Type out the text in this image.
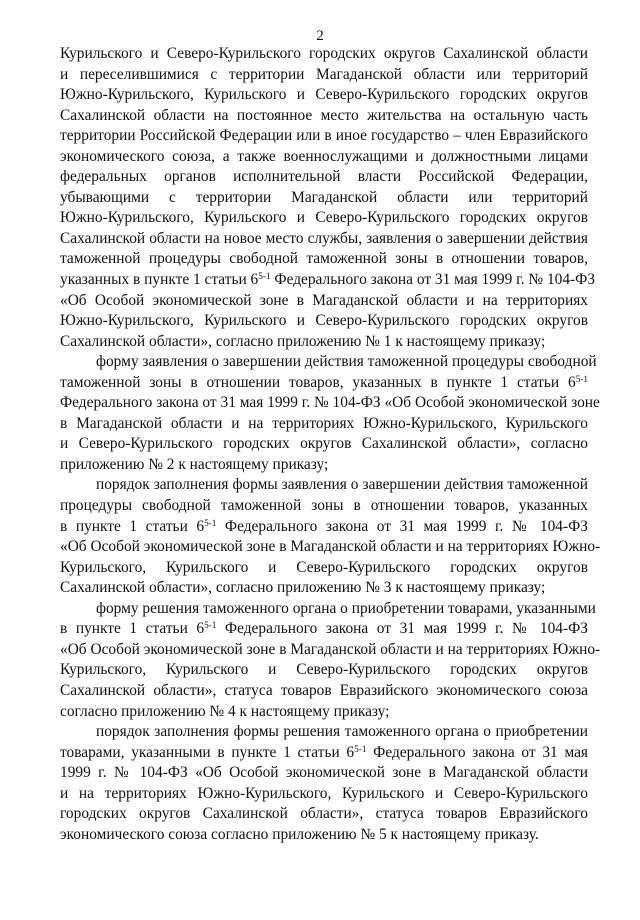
2
Курильского и Северо-Курильского городских округов Сахалинской области
и переселившимися с территории Магаданской области или территорий
Южно-Курильского, Курильского и Северо-Курильского городских округов
Сахалинской области на постоянное место жительства на остальную часть
территории Российской Федерации или в иное государство – член Евразийского
экономического союза, а также военнослужащими и должностными лицами
федеральных органов исполнительной власти Российской Федерации,
убывающими с территории Магаданской области или территорий
Южно-Курильского, Курильского и Северо-Курильского городских округов
Сахалинской области на новое место службы, заявления о завершении действия
таможенной процедуры свободной таможенной зоны в отношении товаров,
указанных в пункте 1 статьи 6$^{5-1}$ Федерального закона от 31 мая 1999 г. № 104-ФЗ
«Об Особой экономической зоне в Магаданской области и на территориях
Южно-Курильского, Курильского и Северо-Курильского городских округов
Сахалинской области», согласно приложению № 1 к настоящему приказу;
форму заявления о завершении действия таможенной процедуры свободной
таможенной зоны в отношении товаров, указанных в пункте 1 статьи 6$^{5-1}$
Федерального закона от 31 мая 1999 г. № 104-ФЗ «Об Особой экономической зоне
в Магаданской области и на территориях Южно-Курильского, Курильского
и Северо-Курильского городских округов Сахалинской области», согласно
приложению № 2 к настоящему приказу;
порядок заполнения формы заявления о завершении действия таможенной
процедуры свободной таможенной зоны в отношении товаров, указанных
в пункте 1 статьи 6$^{5-1}$ Федерального закона от 31 мая 1999 г. № 104-ФЗ
«Об Особой экономической зоне в Магаданской области и на территориях Южно-
Курильского, Курильского и Северо-Курильского городских округов
Сахалинской области», согласно приложению № 3 к настоящему приказу;
форму решения таможенного органа о приобретении товарами, указанными
в пункте 1 статьи 6$^{5-1}$ Федерального закона от 31 мая 1999 г. № 104-ФЗ
«Об Особой экономической зоне в Магаданской области и на территориях Южно-
Курильского, Курильского и Северо-Курильского городских округов
Сахалинской области», статуса товаров Евразийского экономического союза
согласно приложению № 4 к настоящему приказу;
порядок заполнения формы решения таможенного органа о приобретении
товарами, указанными в пункте 1 статьи 6$^{5-1}$ Федерального закона от 31 мая
1999 г. № 104-ФЗ «Об Особой экономической зоне в Магаданской области
и на территориях Южно-Курильского, Курильского и Северо-Курильского
городских округов Сахалинской области», статуса товаров Евразийского
экономического союза согласно приложению № 5 к настоящему приказу.
